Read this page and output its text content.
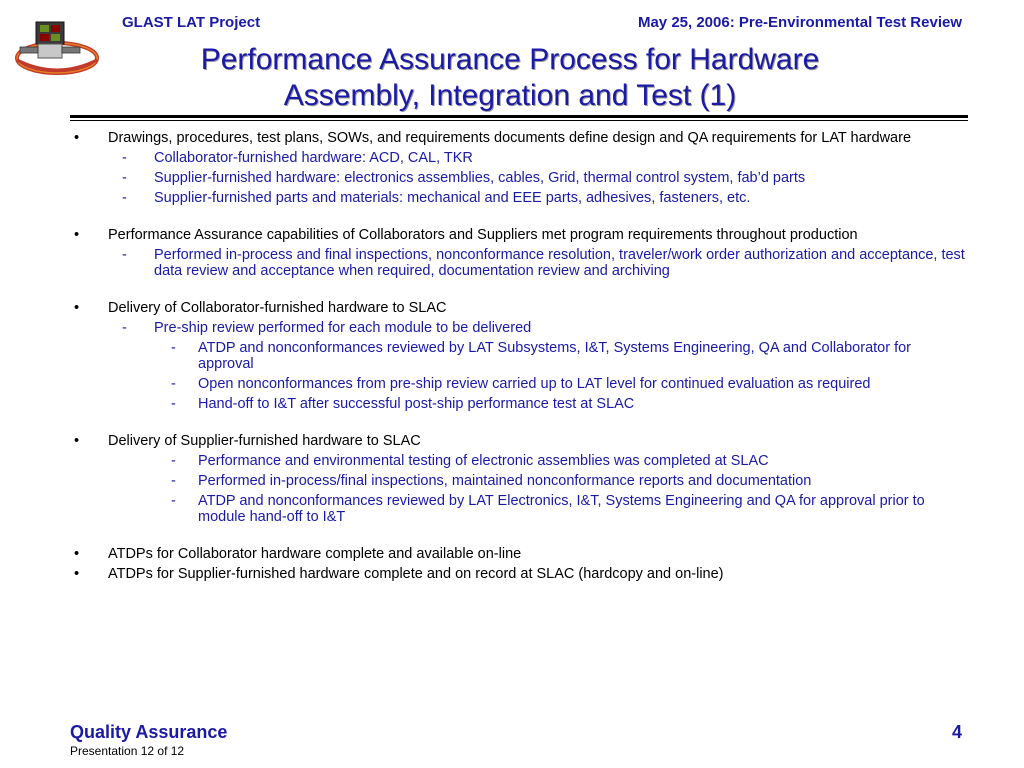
GLAST LAT Project	May 25, 2006: Pre-Environmental Test Review
Performance Assurance Process for Hardware
Assembly, Integration and Test (1)
• Drawings, procedures, test plans, SOWs, and requirements documents define design and QA requirements for LAT hardware
- Collaborator-furnished hardware: ACD, CAL, TKR
- Supplier-furnished hardware: electronics assemblies, cables, Grid, thermal control system, fab’d parts
- Supplier-furnished parts and materials: mechanical and EEE parts, adhesives, fasteners, etc.
• Performance Assurance capabilities of Collaborators and Suppliers met program requirements throughout production
- Performed in-process and final inspections, nonconformance resolution, traveler/work order authorization and acceptance, test data review and acceptance when required, documentation review and archiving
• Delivery of Collaborator-furnished hardware to SLAC
- Pre-ship review performed for each module to be delivered
- ATDP and nonconformances reviewed by LAT Subsystems, I&T, Systems Engineering, QA and Collaborator for approval
- Open nonconformances from pre-ship review carried up to LAT level for continued evaluation as required
- Hand-off to I&T after successful post-ship performance test at SLAC
• Delivery of Supplier-furnished hardware to SLAC
- Performance and environmental testing of electronic assemblies was completed at SLAC
- Performed in-process/final inspections, maintained nonconformance reports and documentation
- ATDP and nonconformances reviewed by LAT Electronics, I&T, Systems Engineering and QA for approval prior to module hand-off to I&T
• ATDPs for Collaborator hardware complete and available on-line
• ATDPs for Supplier-furnished hardware complete and on record at SLAC (hardcopy and on-line)
Quality Assurance
Presentation 12 of 12
4
